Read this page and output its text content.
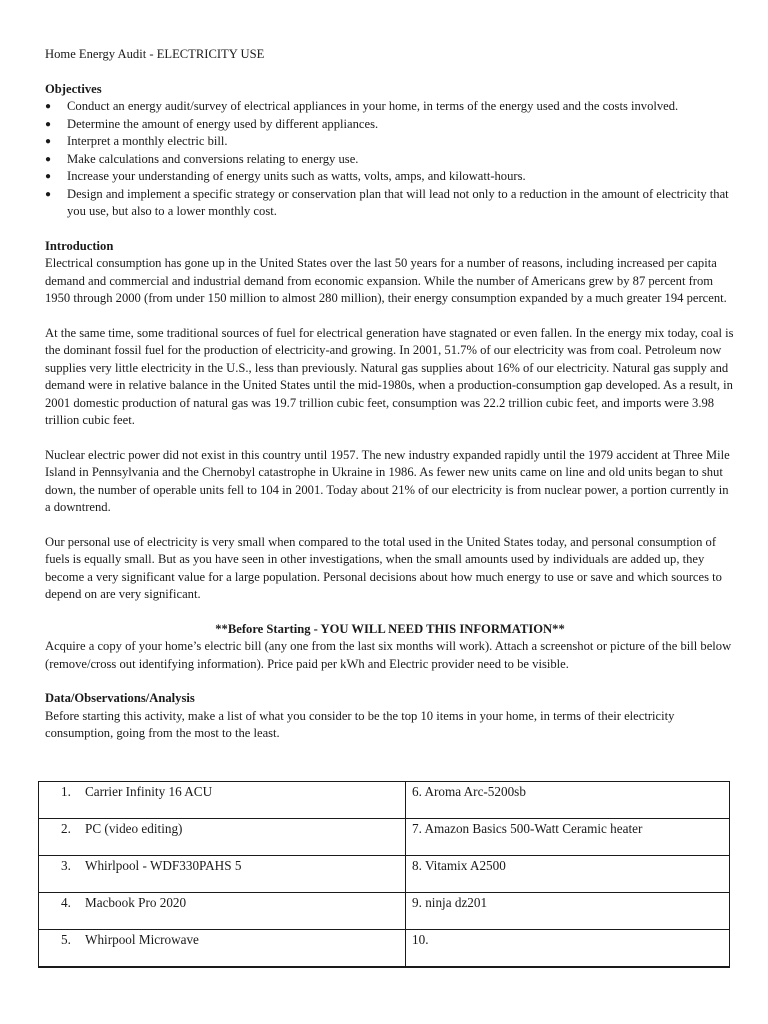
Home Energy Audit - ELECTRICITY USE
Objectives
● Conduct an energy audit/survey of electrical appliances in your home, in terms of the energy used and the costs involved.
● Determine the amount of energy used by different appliances.
● Interpret a monthly electric bill.
● Make calculations and conversions relating to energy use.
● Increase your understanding of energy units such as watts, volts, amps, and kilowatt-hours.
● Design and implement a specific strategy or conservation plan that will lead not only to a reduction in the amount of electricity that you use, but also to a lower monthly cost.
Introduction

Electrical consumption has gone up in the United States over the last 50 years for a number of reasons, including increased per capita demand and commercial and industrial demand from economic expansion. While the number of Americans grew by 87 percent from 1950 through 2000 (from under 150 million to almost 280 million), their energy consumption expanded by a much greater 194 percent.

At the same time, some traditional sources of fuel for electrical generation have stagnated or even fallen. In the energy mix today, coal is the dominant fossil fuel for the production of electricity-and growing. In 2001, 51.7% of our electricity was from coal. Petroleum now supplies very little electricity in the U.S., less than previously. Natural gas supplies about 16% of our electricity. Natural gas supply and demand were in relative balance in the United States until the mid-1980s, when a production-consumption gap developed. As a result, in 2001 domestic production of natural gas was 19.7 trillion cubic feet, consumption was 22.2 trillion cubic feet, and imports were 3.98 trillion cubic feet.

Nuclear electric power did not exist in this country until 1957. The new industry expanded rapidly until the 1979 accident at Three Mile Island in Pennsylvania and the Chernobyl catastrophe in Ukraine in 1986. As fewer new units came on line and old units began to shut down, the number of operable units fell to 104 in 2001. Today about 21% of our electricity is from nuclear power, a portion currently in a downtrend.

Our personal use of electricity is very small when compared to the total used in the United States today, and personal consumption of fuels is equally small. But as you have seen in other investigations, when the small amounts used by individuals are added up, they become a very significant value for a large population. Personal decisions about how much energy to use or save and which sources to depend on are very significant.

**Before Starting - YOU WILL NEED THIS INFORMATION**

Acquire a copy of your home’s electric bill (any one from the last six months will work). Attach a screenshot or picture of the bill below (remove/cross out identifying information). Price paid per kWh and Electric provider need to be visible.

Data/Observations/Analysis

Before starting this activity, make a list of what you consider to be the top 10 items in your home, in terms of their electricity consumption, going from the most to the least.

1. Carrier Infinity 16 ACU	6. Aroma Arc-5200sb
2. PC (video editing)	7. Amazon Basics 500-Watt Ceramic heater
3. Whirlpool - WDF330PAHS 5	8. Vitamix A2500
4. Macbook Pro 2020	9. ninja dz201
5. Whirpool Microwave	10.
